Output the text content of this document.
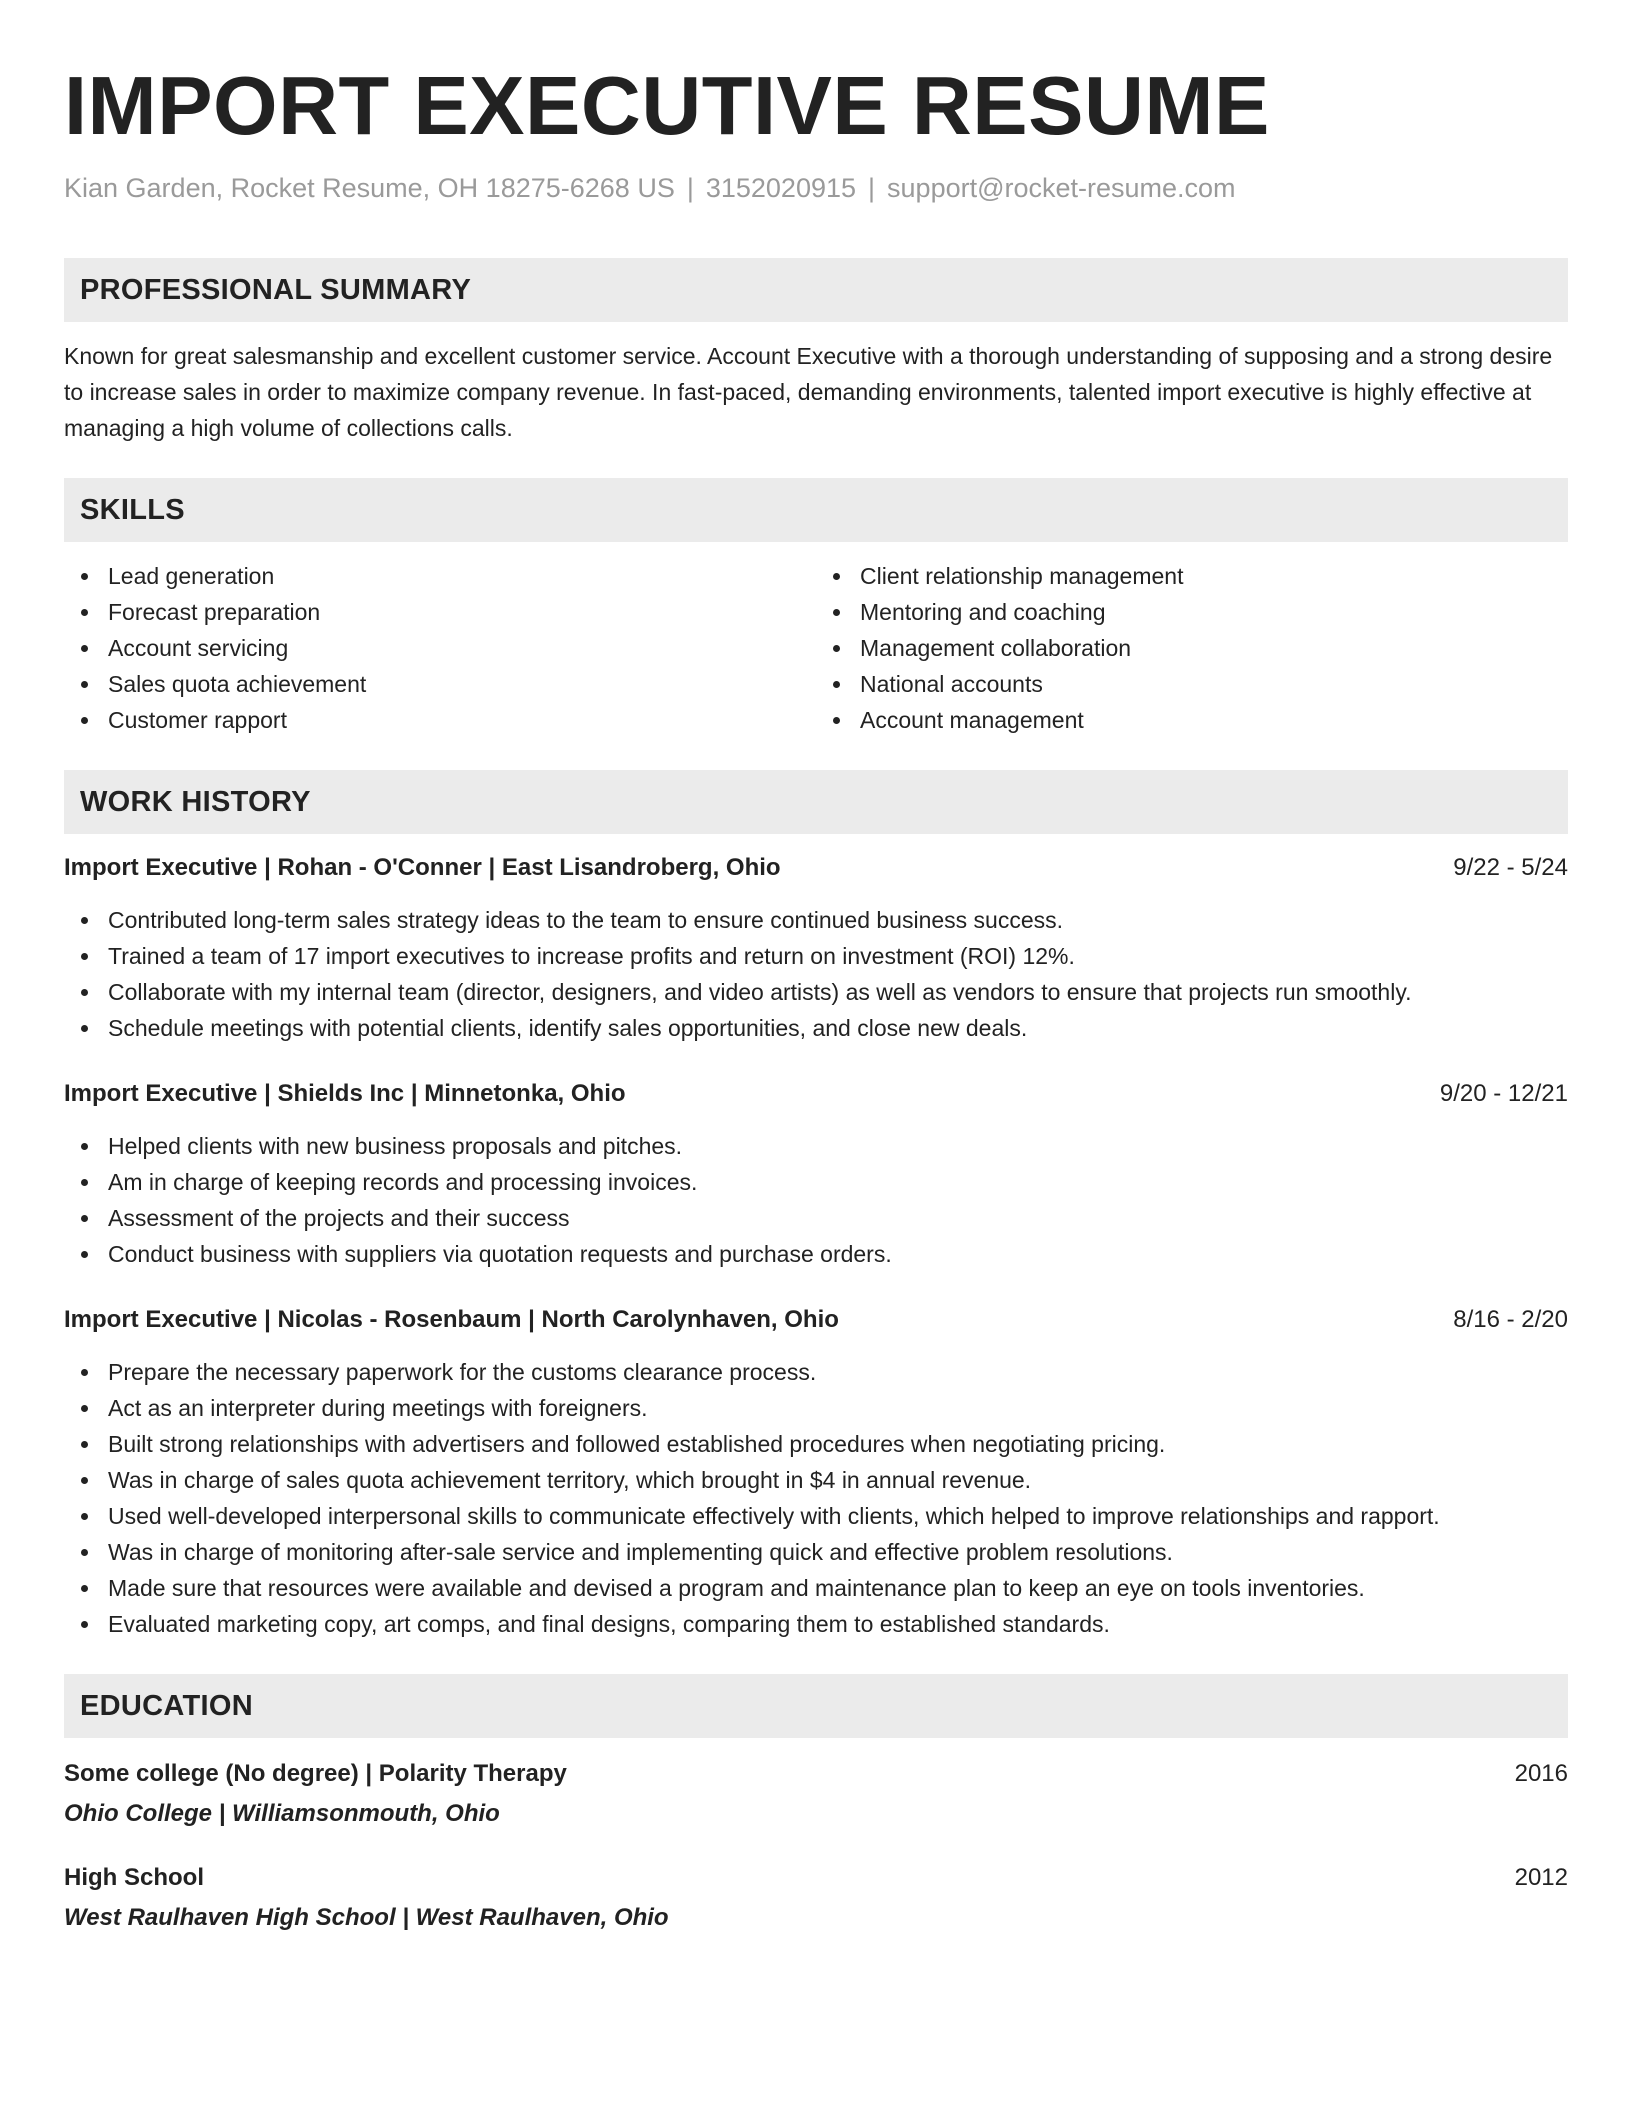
IMPORT EXECUTIVE RESUME
Kian Garden, Rocket Resume, OH 18275-6268 US | 3152020915 | support@rocket-resume.com
PROFESSIONAL SUMMARY
Known for great salesmanship and excellent customer service. Account Executive with a thorough understanding of supposing and a strong desire to increase sales in order to maximize company revenue. In fast-paced, demanding environments, talented import executive is highly effective at managing a high volume of collections calls.
SKILLS
Lead generation
Forecast preparation
Account servicing
Sales quota achievement
Customer rapport
Client relationship management
Mentoring and coaching
Management collaboration
National accounts
Account management
WORK HISTORY
Import Executive | Rohan - O'Conner | East Lisandroberg, Ohio	9/22 - 5/24
Contributed long-term sales strategy ideas to the team to ensure continued business success.
Trained a team of 17 import executives to increase profits and return on investment (ROI) 12%.
Collaborate with my internal team (director, designers, and video artists) as well as vendors to ensure that projects run smoothly.
Schedule meetings with potential clients, identify sales opportunities, and close new deals.
Import Executive | Shields Inc | Minnetonka, Ohio	9/20 - 12/21
Helped clients with new business proposals and pitches.
Am in charge of keeping records and processing invoices.
Assessment of the projects and their success
Conduct business with suppliers via quotation requests and purchase orders.
Import Executive | Nicolas - Rosenbaum | North Carolynhaven, Ohio	8/16 - 2/20
Prepare the necessary paperwork for the customs clearance process.
Act as an interpreter during meetings with foreigners.
Built strong relationships with advertisers and followed established procedures when negotiating pricing.
Was in charge of sales quota achievement territory, which brought in $4 in annual revenue.
Used well-developed interpersonal skills to communicate effectively with clients, which helped to improve relationships and rapport.
Was in charge of monitoring after-sale service and implementing quick and effective problem resolutions.
Made sure that resources were available and devised a program and maintenance plan to keep an eye on tools inventories.
Evaluated marketing copy, art comps, and final designs, comparing them to established standards.
EDUCATION
Some college (No degree) | Polarity Therapy	2016
Ohio College | Williamsonmouth, Ohio
High School	2012
West Raulhaven High School | West Raulhaven, Ohio
